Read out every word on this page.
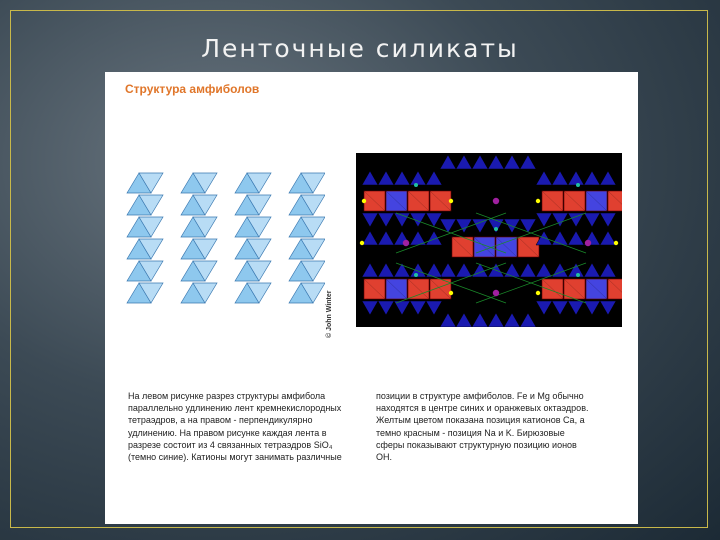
Ленточные силикаты
Структура амфиболов
© John Winter
На левом рисунке разрез структуры амфибола
параллельно удлинению лент кремнекислородных
тетраэдров, а на правом - перпендикулярно
удлинению. На правом рисунке каждая лента в
разрезе состоит из 4 связанных тетраэдров SiO₄
(темно синие). Катионы могут занимать различные
позиции в структуре амфиболов. Fe и Mg обычно
находятся в центре синих и оранжевых октаэдров.
Желтым цветом показана позиция катионов Ca, а
темно красным - позиция Na и K. Бирюзовые
сферы показывают структурную позицию ионов
OH.
